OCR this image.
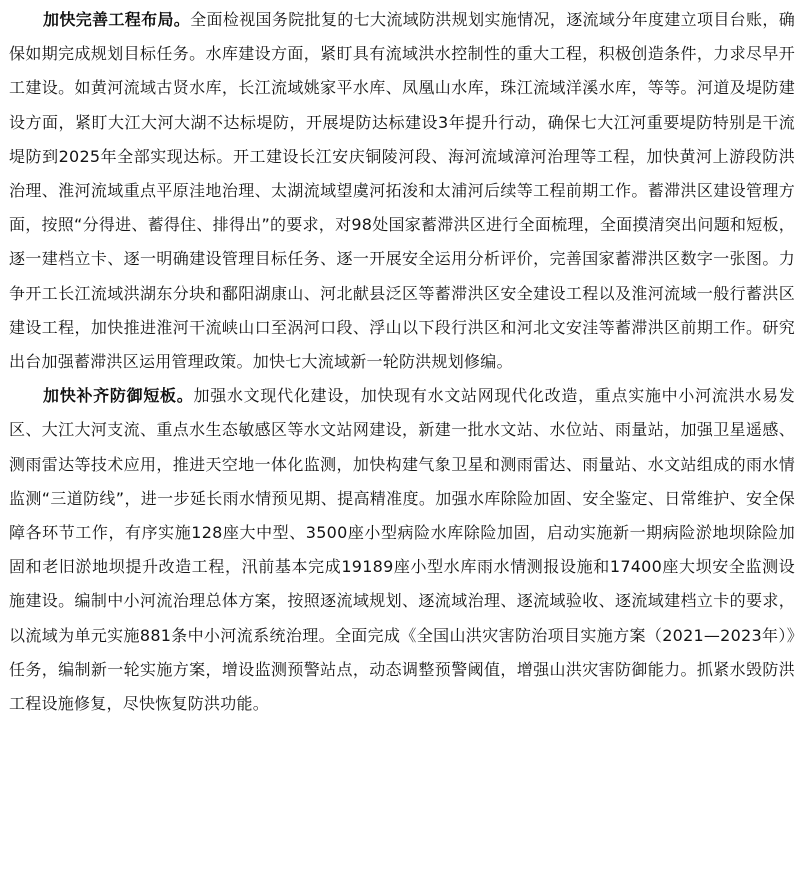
加快完善工程布局。全面检视国务院批复的七大流域防洪规划实施情况，逐流域分年度建立项目台账，确保如期完成规划目标任务。水库建设方面，紧盯具有流域洪水控制性的重大工程，积极创造条件，力求尽早开工建设。如黄河流域古贤水库，长江流域姚家平水库、凤凰山水库，珠江流域洋溪水库，等等。河道及堤防建设方面，紧盯大江大河大湖不达标堤防，开展堤防达标建设3年提升行动，确保七大江河重要堤防特别是干流堤防到2025年全部实现达标。开工建设长江安庆铜陵河段、海河流域漳河治理等工程，加快黄河上游段防洪治理、淮河流域重点平原洼地治理、太湖流域望虞河拓浚和太浦河后续等工程前期工作。蓄滞洪区建设管理方面，按照“分得进、蓄得住、排得出”的要求，对98处国家蓄滞洪区进行全面梳理，全面摸清突出问题和短板，逐一建档立卡、逐一明确建设管理目标任务、逐一开展安全运用分析评价，完善国家蓄滞洪区数字一张图。力争开工长江流域洪湖东分块和鄱阳湖康山、河北献县泛区等蓄滞洪区安全建设工程以及淮河流域一般行蓄洪区建设工程，加快推进淮河干流峡山口至涡河口段、浮山以下段行洪区和河北文安洼等蓄滞洪区前期工作。研究出台加强蓄滞洪区运用管理政策。加快七大流域新一轮防洪规划修编。

加快补齐防御短板。加强水文现代化建设，加快现有水文站网现代化改造，重点实施中小河流洪水易发区、大江大河支流、重点水生态敏感区等水文站网建设，新建一批水文站、水位站、雨量站，加强卫星遥感、测雨雷达等技术应用，推进天空地一体化监测，加快构建气象卫星和测雨雷达、雨量站、水文站组成的雨水情监测“三道防线”，进一步延长雨水情预见期、提高精准度。加强水库除险加固、安全鉴定、日常维护、安全保障各环节工作，有序实施128座大中型、3500座小型病险水库除险加固，启动实施新一期病险淤地坝除险加固和老旧淤地坝提升改造工程，汛前基本完成19189座小型水库雨水情测报设施和17400座大坝安全监测设施建设。编制中小河流治理总体方案，按照逐流域规划、逐流域治理、逐流域验收、逐流域建档立卡的要求，以流域为单元实施881条中小河流系统治理。全面完成《全国山洪灾害防治项目实施方案（2021—2023年）》任务，编制新一轮实施方案，增设监测预警站点，动态调整预警阈值，增强山洪灾害防御能力。抓紧水毁防洪工程设施修复，尽快恢复防洪功能。
